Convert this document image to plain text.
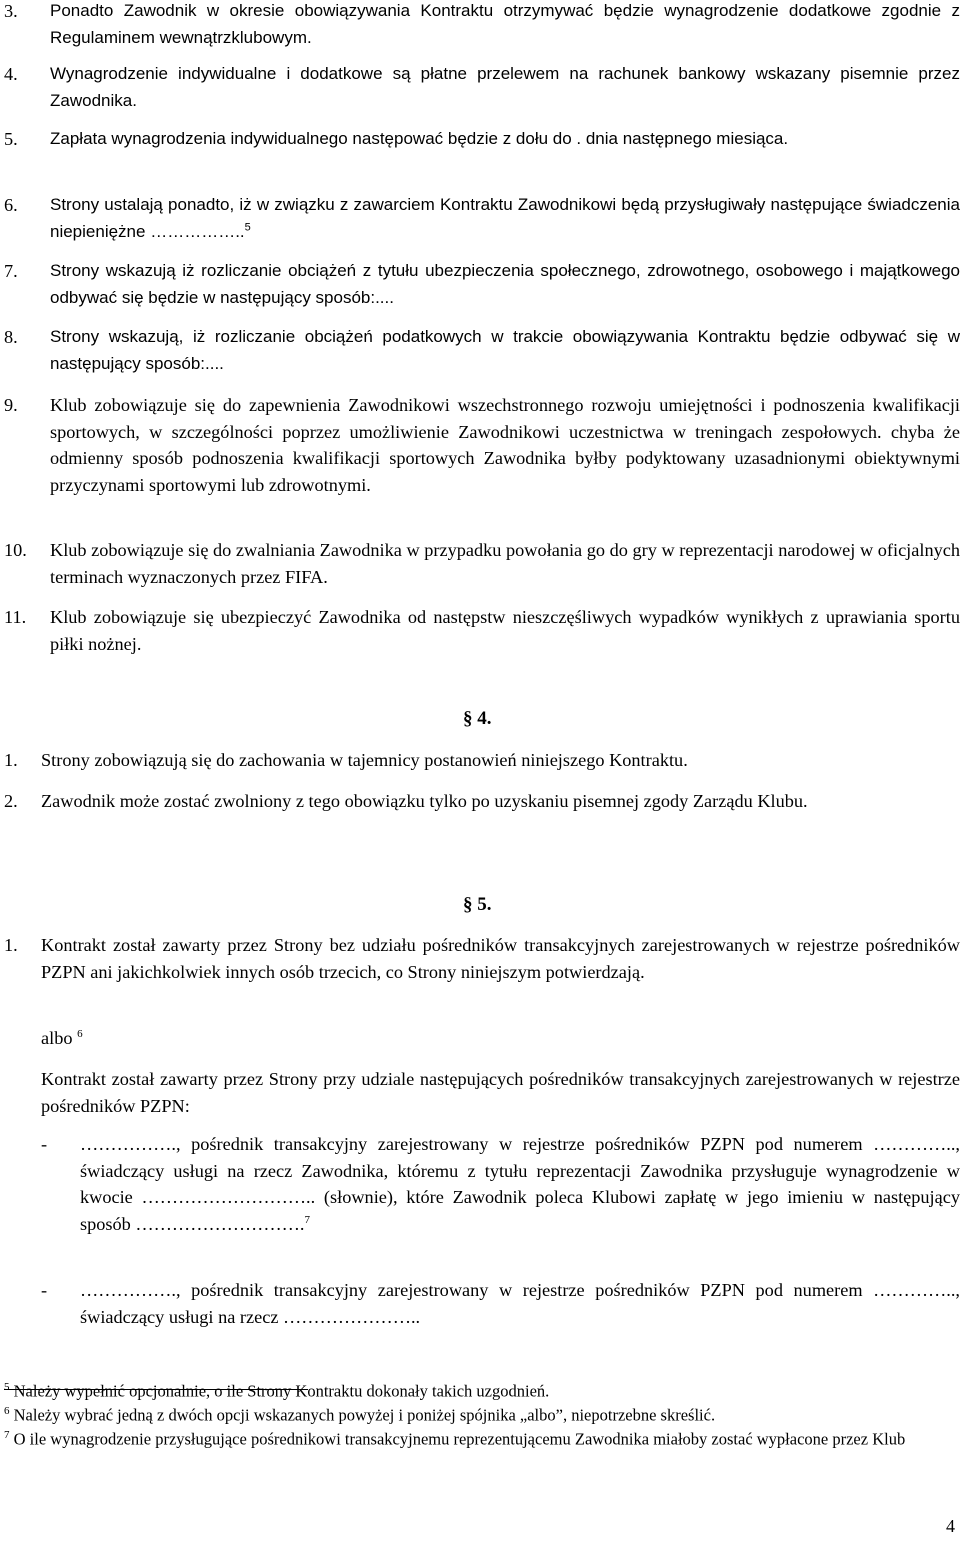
3. Ponadto Zawodnik w okresie obowiązywania Kontraktu otrzymywać będzie wynagrodzenie dodatkowe zgodnie z Regulaminem wewnątrzklubowym.
4. Wynagrodzenie indywidualne i dodatkowe są płatne przelewem na rachunek bankowy wskazany pisemnie przez Zawodnika.
5. Zapłata wynagrodzenia indywidualnego następować będzie z dołu do . dnia następnego miesiąca.
6. Strony ustalają ponadto, iż w związku z zawarciem Kontraktu Zawodnikowi będą przysługiwały następujące świadczenia niepieniężne ……………..$^5$
7. Strony wskazują iż rozliczanie obciążeń z tytułu ubezpieczenia społecznego, zdrowotnego, osobowego i majątkowego odbywać się będzie w następujący sposób:....
8. Strony wskazują, iż rozliczanie obciążeń podatkowych w trakcie obowiązywania Kontraktu będzie odbywać się w następujący sposób:....
9. Klub zobowiązuje się do zapewnienia Zawodnikowi wszechstronnego rozwoju umiejętności i podnoszenia kwalifikacji sportowych, w szczególności poprzez umożliwienie Zawodnikowi uczestnictwa w treningach zespołowych. chyba że odmienny sposób podnoszenia kwalifikacji sportowych Zawodnika byłby podyktowany uzasadnionymi obiektywnymi przyczynami sportowymi lub zdrowotnymi.
10. Klub zobowiązuje się do zwalniania Zawodnika w przypadku powołania go do gry w reprezentacji narodowej w oficjalnych terminach wyznaczonych przez FIFA.
11. Klub zobowiązuje się ubezpieczyć Zawodnika od następstw nieszczęśliwych wypadków wynikłych z uprawiania sportu piłki nożnej.
§ 4.
1. Strony zobowiązują się do zachowania w tajemnicy postanowień niniejszego Kontraktu.
2. Zawodnik może zostać zwolniony z tego obowiązku tylko po uzyskaniu pisemnej zgody Zarządu Klubu.
§ 5.
1. Kontrakt został zawarty przez Strony bez udziału pośredników transakcyjnych zarejestrowanych w rejestrze pośredników PZPN ani jakichkolwiek innych osób trzecich, co Strony niniejszym potwierdzają.
albo $^6$
Kontrakt został zawarty przez Strony przy udziale następujących pośredników transakcyjnych zarejestrowanych w rejestrze pośredników PZPN:
- ……………., pośrednik transakcyjny zarejestrowany w rejestrze pośredników PZPN pod numerem ………….., świadczący usługi na rzecz Zawodnika, któremu z tytułu reprezentacji Zawodnika przysługuje wynagrodzenie w kwocie ……………………….. (słownie), które Zawodnik poleca Klubowi zapłatę w jego imieniu w następujący sposób ……………………….$^7$
- ……………., pośrednik transakcyjny zarejestrowany w rejestrze pośredników PZPN pod numerem ………….., świadczący usługi na rzecz …………………..
$^5$ Należy wypełnić opcjonalnie, o ile Strony Kontraktu dokonały takich uzgodnień.
$^6$ Należy wybrać jedną z dwóch opcji wskazanych powyżej i poniżej spójnika „albo”, niepotrzebne skreślić.
$^7$ O ile wynagrodzenie przysługujące pośrednikowi transakcyjnemu reprezentującemu Zawodnika miałoby zostać wypłacone przez Klub
4
